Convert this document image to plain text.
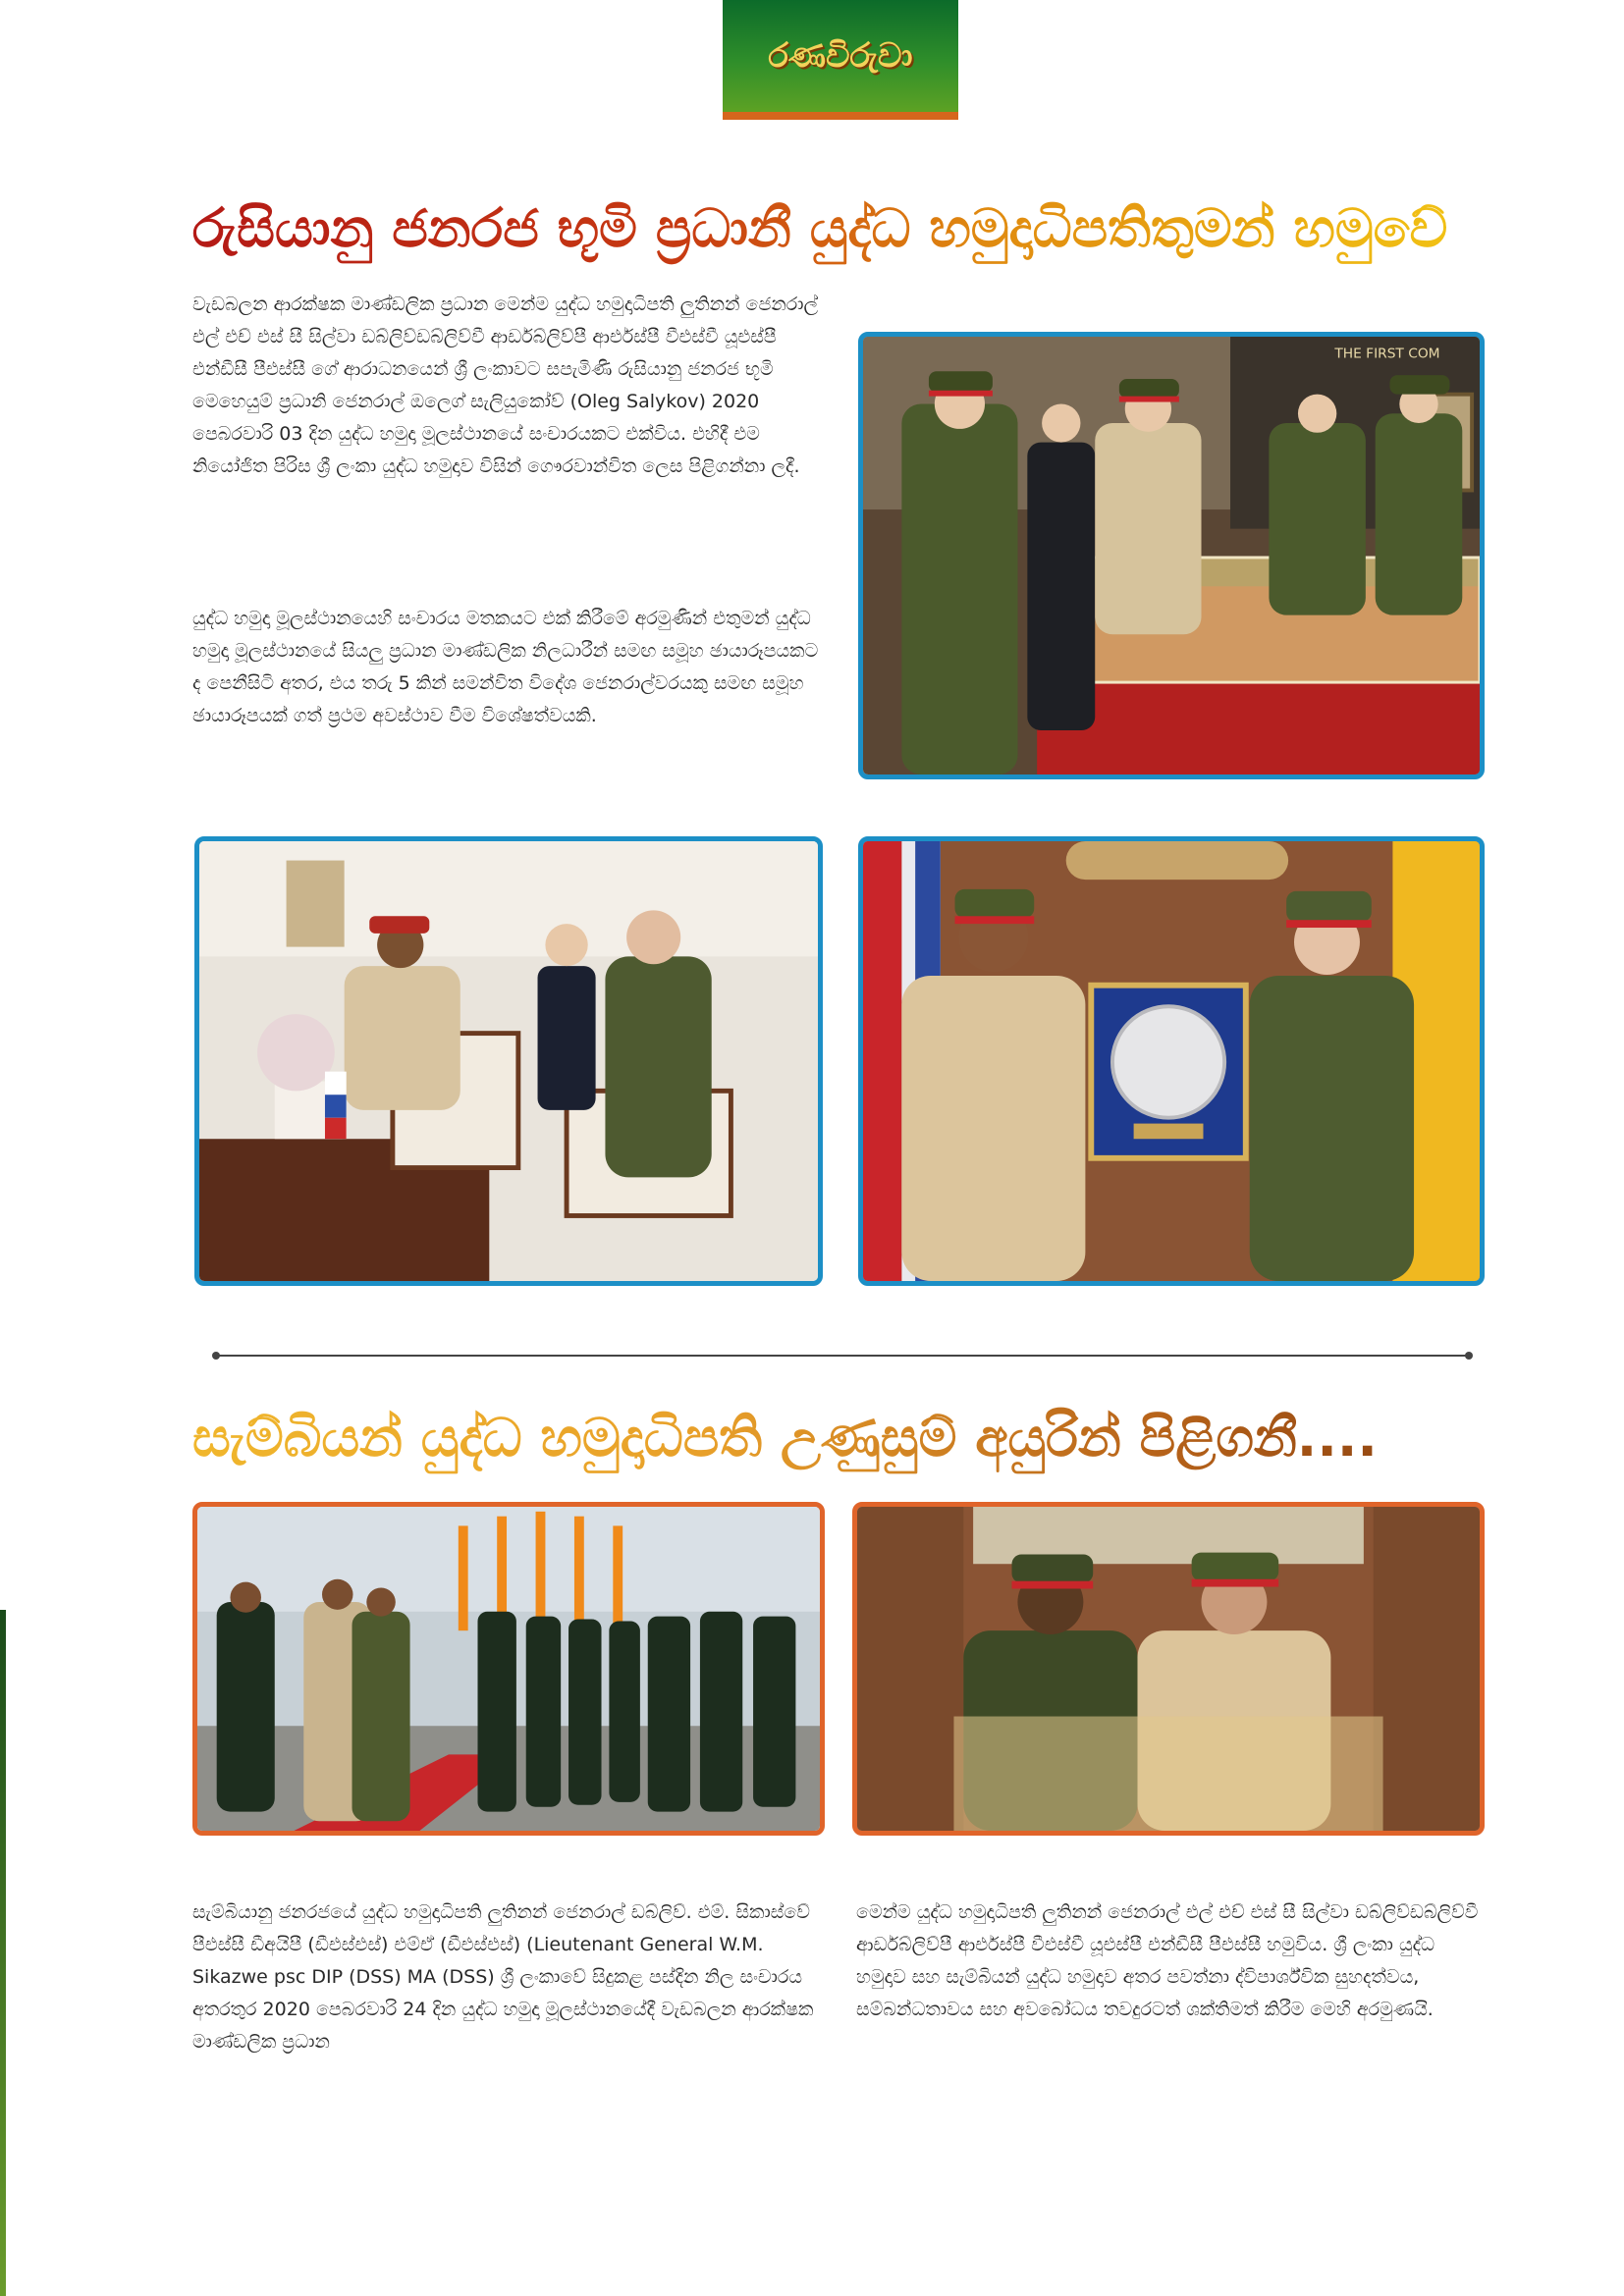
රණවිරුවා
රුසියානු ජනරජ භූමි ප්‍රධානී යුද්ධ හමුදාධිපතිතුමන් හමුවේ

වැඩබලන ආරක්ෂක මාණ්ඩලික ප්‍රධාන මෙන්ම යුද්ධ හමුදාධිපති ලුතිනන් ජෙනරාල් එල් එච් එස් සී සිල්වා ඩබ්ලිව්ඩබ්ලිව්වී ආර්ඩබ්ලිව්පී ආර්එස්පී වීඑස්වී යූඑස්පී එන්ඩීසී පීඑස්සී ගේ ආරාධනයෙන් ශ්‍රී ලංකාවට සපැමිණි රුසියානු ජනරජ භූමි මෙහෙයුම් ප්‍රධානි ජෙනරාල් ඔලෙග් සැලියුකෝව් (Oleg Salykov) 2020 පෙබරවාරි 03 දින යුද්ධ හමුදා මූලස්ථානයේ සංචාරයකට එක්විය. එහිදී එම නියෝජිත පිරිස ශ්‍රී ලංකා යුද්ධ හමුදාව විසින් ගෞරවාන්විත ලෙස පිළිගන්නා ලදී.

යුද්ධ හමුදා මූලස්ථානයෙහි සංචාරය මතකයට එක් කිරීමේ අරමුණින් එතුමන් යුද්ධ හමුදා මූලස්ථානයේ සියලු ප්‍රධාන මාණ්ඩලික නිලධාරීන් සමඟ සමූහ ඡායාරූපයකට ද පෙනීසිටි අතර, එය තරු 5 කින් සමන්විත විදේශ ජෙනරාල්වරයකු සමඟ සමූහ ඡායාරූපයක් ගත් ප්‍රථම අවස්ථාව වීම විශේෂත්වයකි.

THE FIRST COM
සැම්බියන් යුද්ධ හමුදාධිපති උණුසුම් අයුරින් පිළිගනී....

සැම්බියානු ජනරජයේ යුද්ධ හමුදාධිපති ලුතිනන් ජෙනරාල් ඩබ්ලිව්. එම්. සිකාස්වේ පීඑස්සී ඩීඅයිපී (ඩීඑස්එස්) එම්ඒ (ඩීඑස්එස්) (Lieutenant General W.M. Sikazwe psc DIP (DSS) MA (DSS) ශ්‍රී ලංකාවේ සිදුකළ පස්දින නිල සංචාරය අතරතුර 2020 පෙබරවාරි 24 දින යුද්ධ හමුදා මූලස්ථානයේදී වැඩබලන ආරක්ෂක මාණ්ඩලික ප්‍රධාන

මෙන්ම යුද්ධ හමුදාධිපති ලුතිනන් ජෙනරාල් එල් එච් එස් සී සිල්වා ඩබ්ලිව්ඩබ්ලිව්වී ආර්ඩබ්ලිව්පී ආර්එස්පී වීඑස්වී යූඑස්පී එන්ඩීසී පීඑස්සී හමුවිය. ශ්‍රී ලංකා යුද්ධ හමුදාව සහ සැම්බියන් යුද්ධ හමුදාව අතර පවත්නා ද්විපාර්ශ්වික සුහදත්වය, සම්බන්ධතාවය සහ අවබෝධය තවදුරටත් ශක්තිමත් කිරීම මෙහි අරමුණයි.
